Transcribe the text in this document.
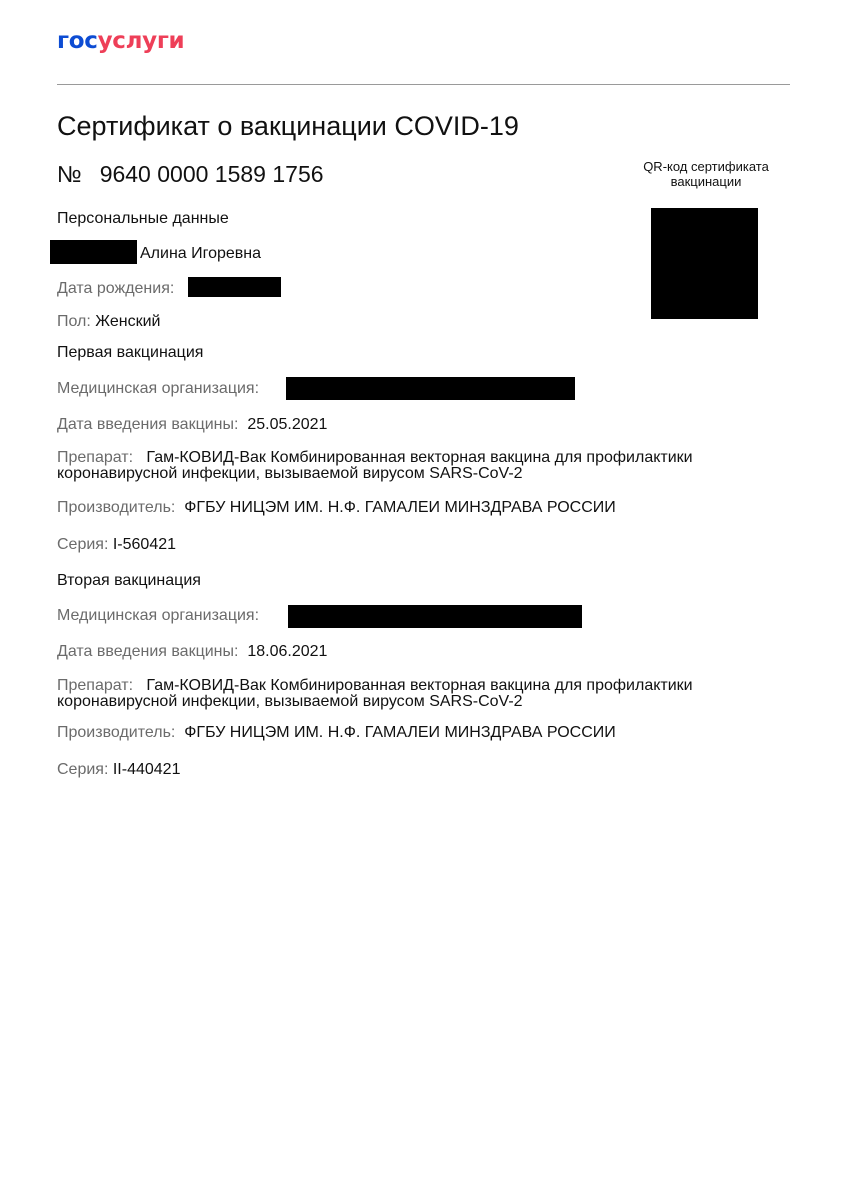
госуслуги
Сертификат о вакцинации COVID-19
№ 9640 0000 1589 1756	QR-код сертификата
вакцинации
Персональные данные
Алина Игоревна
Дата рождения:
Пол: Женский
Первая вакцинация
Медицинская организация:
Дата введения вакцины: 25.05.2021
Препарат: Гам-КОВИД-Вак Комбинированная векторная вакцина для профилактики
коронавирусной инфекции, вызываемой вирусом SARS-CoV-2
Производитель: ФГБУ НИЦЭМ ИМ. Н.Ф. ГАМАЛЕИ МИНЗДРАВА РОССИИ
Серия: I-560421
Вторая вакцинация
Медицинская организация:
Дата введения вакцины: 18.06.2021
Препарат: Гам-КОВИД-Вак Комбинированная векторная вакцина для профилактики
коронавирусной инфекции, вызываемой вирусом SARS-CoV-2
Производитель: ФГБУ НИЦЭМ ИМ. Н.Ф. ГАМАЛЕИ МИНЗДРАВА РОССИИ
Серия: II-440421
